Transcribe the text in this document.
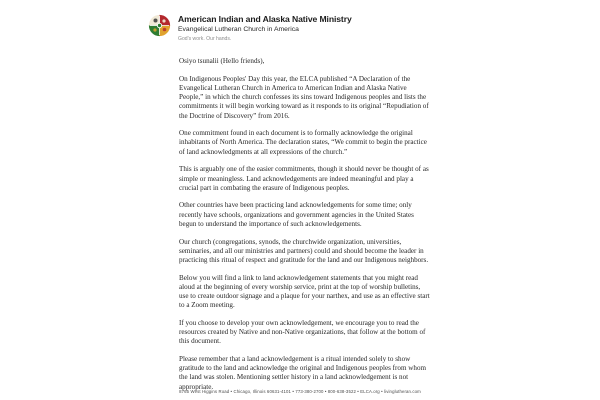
American Indian and Alaska Native Ministry
Evangelical Lutheran Church in America
God's work. Our hands.

Osiyo tsunalii (Hello friends),

On Indigenous Peoples' Day this year, the ELCA published “A Declaration of the Evangelical Lutheran Church in America to American Indian and Alaska Native People,” in which the church confesses its sins toward Indigenous peoples and lists the commitments it will begin working toward as it responds to its original “Repudiation of the Doctrine of Discovery” from 2016.

One commitment found in each document is to formally acknowledge the original inhabitants of North America. The declaration states, “We commit to begin the practice of land acknowledgments at all expressions of the church.”

This is arguably one of the easier commitments, though it should never be thought of as simple or meaningless. Land acknowledgements are indeed meaningful and play a crucial part in combating the erasure of Indigenous peoples.

Other countries have been practicing land acknowledgements for some time; only recently have schools, organizations and government agencies in the United States begun to understand the importance of such acknowledgements.

Our church (congregations, synods, the churchwide organization, universities, seminaries, and all our ministries and partners) could and should become the leader in practicing this ritual of respect and gratitude for the land and our Indigenous neighbors.

Below you will find a link to land acknowledgement statements that you might read aloud at the beginning of every worship service, print at the top of worship bulletins, use to create outdoor signage and a plaque for your narthex, and use as an effective start to a Zoom meeting.

If you choose to develop your own acknowledgement, we encourage you to read the resources created by Native and non-Native organizations, that follow at the bottom of this document.

Please remember that a land acknowledgement is a ritual intended solely to show gratitude to the land and acknowledge the original and Indigenous peoples from whom the land was stolen. Mentioning settler history in a land acknowledgement is not appropriate.

8765 West Higgins Road • Chicago, Illinois 60631-4101 • 773-380-2700 • 800-638-3522 • ELCA.org • livinglutheran.com
